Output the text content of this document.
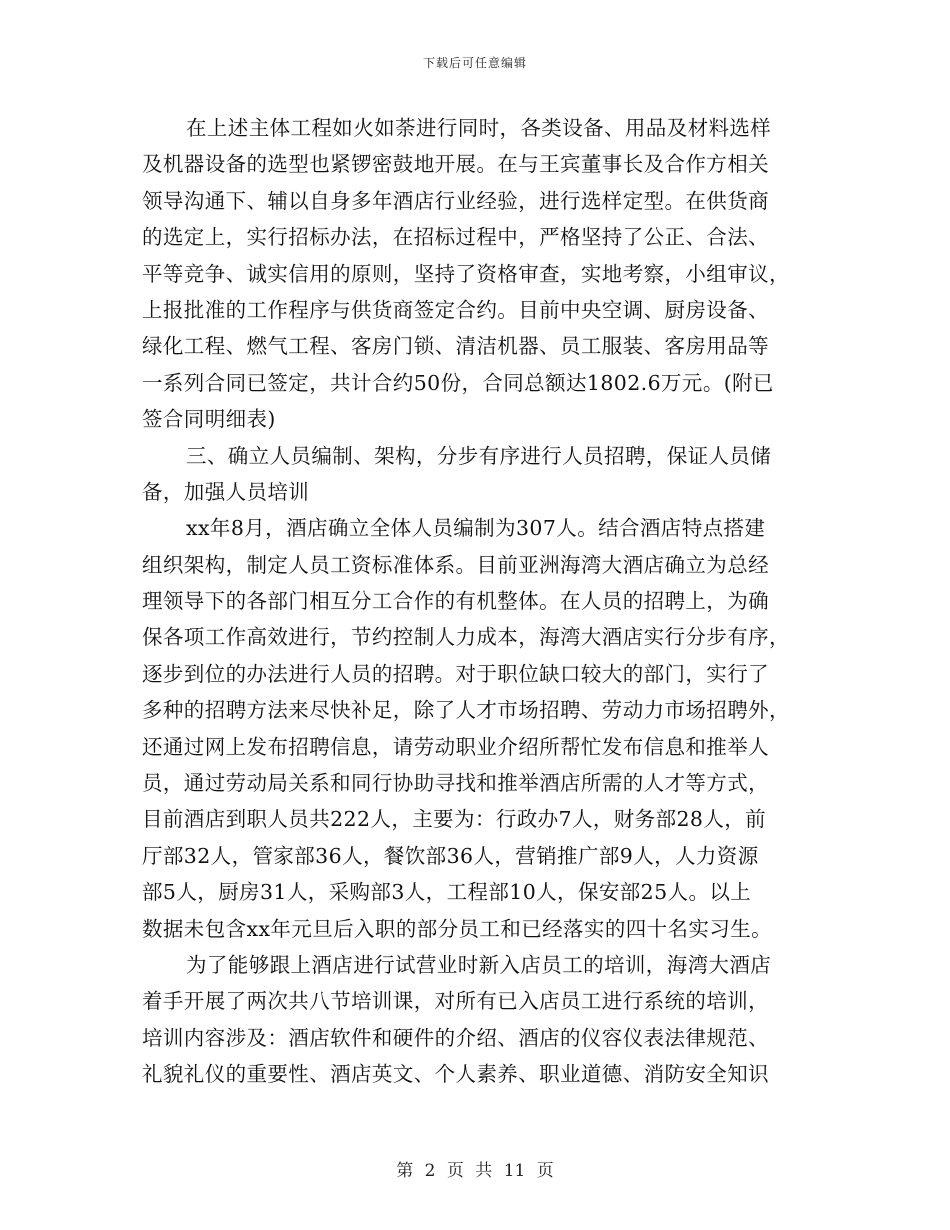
下载后可任意编辑
在上述主体工程如火如荼进行同时，各类设备、用品及材料选样
及机器设备的选型也紧锣密鼓地开展。在与王宾董事长及合作方相关
领导沟通下、辅以自身多年酒店行业经验，进行选样定型。在供货商
的选定上，实行招标办法，在招标过程中，严格坚持了公正、合法、
平等竞争、诚实信用的原则，坚持了资格审查，实地考察，小组审议，
上报批准的工作程序与供货商签定合约。目前中央空调、厨房设备、
绿化工程、燃气工程、客房门锁、清洁机器、员工服装、客房用品等
一系列合同已签定，共计合约50份，合同总额达1802.6万元。(附已
签合同明细表)
三、确立人员编制、架构，分步有序进行人员招聘，保证人员储
备，加强人员培训
xx年8月，酒店确立全体人员编制为307人。结合酒店特点搭建
组织架构，制定人员工资标准体系。目前亚洲海湾大酒店确立为总经
理领导下的各部门相互分工合作的有机整体。在人员的招聘上，为确
保各项工作高效进行，节约控制人力成本，海湾大酒店实行分步有序，
逐步到位的办法进行人员的招聘。对于职位缺口较大的部门，实行了
多种的招聘方法来尽快补足，除了人才市场招聘、劳动力市场招聘外，
还通过网上发布招聘信息，请劳动职业介绍所帮忙发布信息和推举人
员，通过劳动局关系和同行协助寻找和推举酒店所需的人才等方式，
目前酒店到职人员共222人，主要为：行政办7人，财务部28人，前
厅部32人，管家部36人，餐饮部36人，营销推广部9人，人力资源
部5人，厨房31人，采购部3人，工程部10人，保安部25人。以上
数据未包含xx年元旦后入职的部分员工和已经落实的四十名实习生。
为了能够跟上酒店进行试营业时新入店员工的培训，海湾大酒店
着手开展了两次共八节培训课，对所有已入店员工进行系统的培训，
培训内容涉及：酒店软件和硬件的介绍、酒店的仪容仪表法律规范、
礼貌礼仪的重要性、酒店英文、个人素养、职业道德、消防安全知识
第 2 页 共 11 页
